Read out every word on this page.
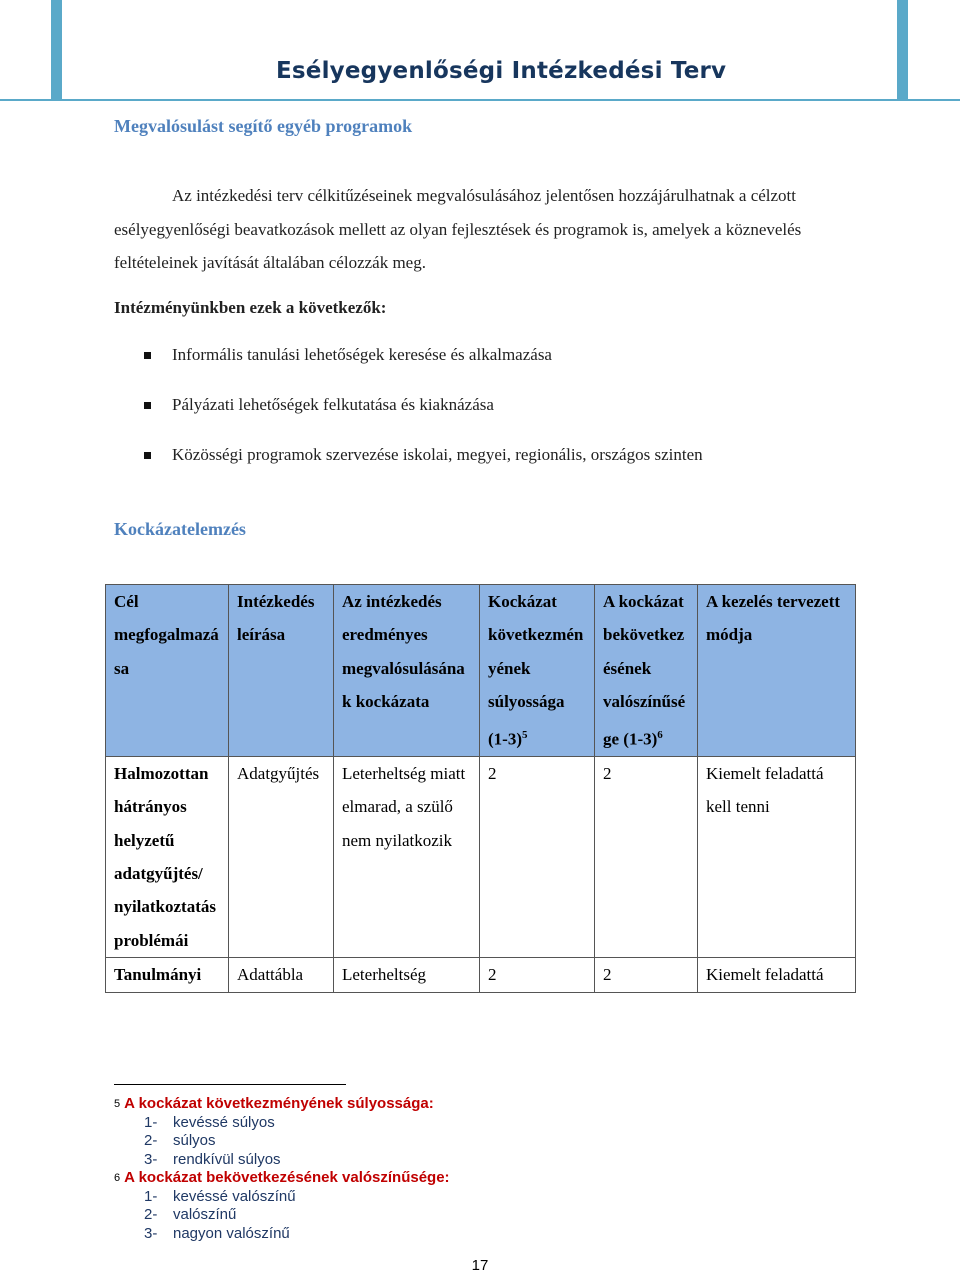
Esélyegyenlőségi Intézkedési Terv
Megvalósulást segítő egyéb programok
Az intézkedési terv célkitűzéseinek megvalósulásához jelentősen hozzájárulhatnak a célzott esélyegyenlőségi beavatkozások mellett az olyan fejlesztések és programok is, amelyek a köznevelés feltételeinek javítását általában célozzák meg.
Intézményünkben ezek a következők:
Informális tanulási lehetőségek keresése és alkalmazása
Pályázati lehetőségek felkutatása és kiaknázása
Közösségi programok szervezése iskolai, megyei, regionális, országos szinten
Kockázatelemzés
Cél megfogalmazása	Intézkedés leírása	Az intézkedés eredményes megvalósulásának kockázata	Kockázat következményének súlyossága $(1-3)^5$	A kockázat bekövetkezésének valószínűsége $(1-3)^6$	A kezelés tervezett módja
Halmozottan hátrányos helyzetű adatgyűjtés/ nyilatkoztatás problémái	Adatgyűjtés	Leterheltség miatt elmarad, a szülő nem nyilatkozik	2	2	Kiemelt feladattá kell tenni
Tanulmányi	Adattábla	Leterheltség	2	2	Kiemelt feladattá
$^5$ A kockázat következményének súlyossága:
1- kevéssé súlyos
2- súlyos
3- rendkívül súlyos
$^6$ A kockázat bekövetkezésének valószínűsége:
1- kevéssé valószínű
2- valószínű
3- nagyon valószínű
17
